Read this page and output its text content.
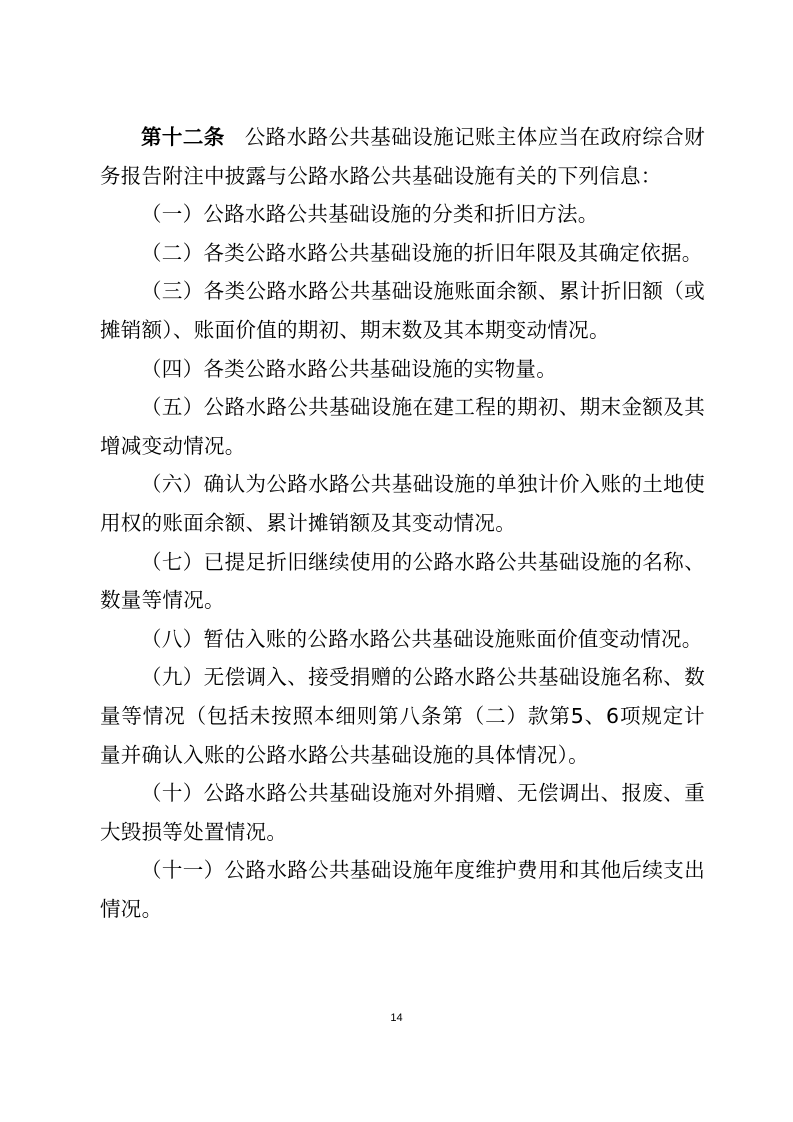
第十二条 公路水路公共基础设施记账主体应当在政府综合财务报告附注中披露与公路水路公共基础设施有关的下列信息：

（一）公路水路公共基础设施的分类和折旧方法。

（二）各类公路水路公共基础设施的折旧年限及其确定依据。

（三）各类公路水路公共基础设施账面余额、累计折旧额（或摊销额）、账面价值的期初、期末数及其本期变动情况。

（四）各类公路水路公共基础设施的实物量。

（五）公路水路公共基础设施在建工程的期初、期末金额及其增减变动情况。

（六）确认为公路水路公共基础设施的单独计价入账的土地使用权的账面余额、累计摊销额及其变动情况。

（七）已提足折旧继续使用的公路水路公共基础设施的名称、数量等情况。

（八）暂估入账的公路水路公共基础设施账面价值变动情况。

（九）无偿调入、接受捐赠的公路水路公共基础设施名称、数量等情况（包括未按照本细则第八条第（二）款第5、6项规定计量并确认入账的公路水路公共基础设施的具体情况）。

（十）公路水路公共基础设施对外捐赠、无偿调出、报废、重大毁损等处置情况。

（十一）公路水路公共基础设施年度维护费用和其他后续支出情况。

14
